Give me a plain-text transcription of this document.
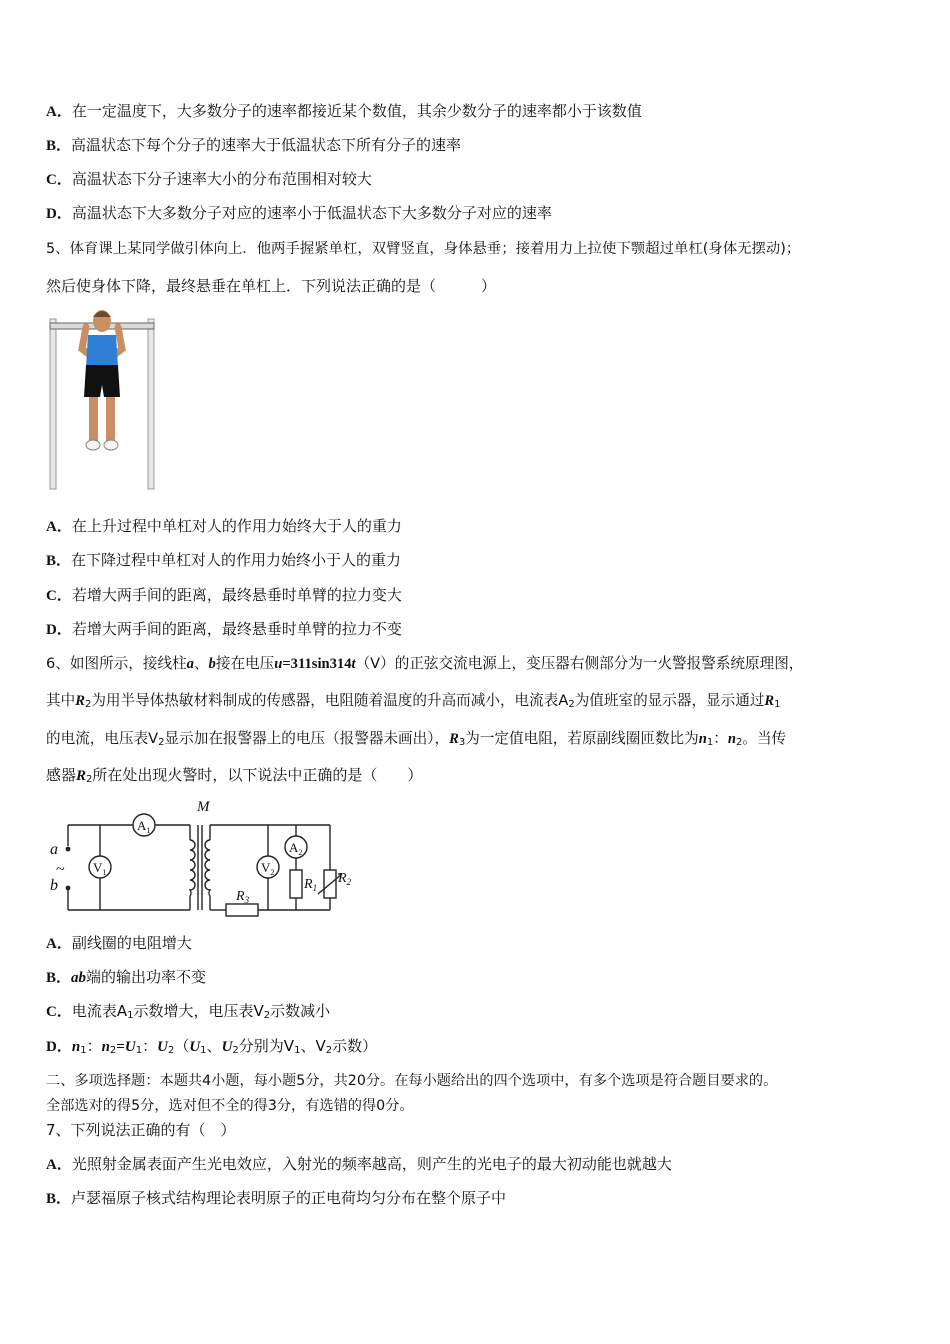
A．在一定温度下，大多数分子的速率都接近某个数值，其余少数分子的速率都小于该数值
B．高温状态下每个分子的速率大于低温状态下所有分子的速率
C．高温状态下分子速率大小的分布范围相对较大
D．高温状态下大多数分子对应的速率小于低温状态下大多数分子对应的速率
5、体育课上某同学做引体向上．他两手握紧单杠，双臂竖直，身体悬垂；接着用力上拉使下颚超过单杠(身体无摆动)；
然后使身体下降，最终悬垂在单杠上．下列说法正确的是（　　　）
A．在上升过程中单杠对人的作用力始终大于人的重力
B．在下降过程中单杠对人的作用力始终小于人的重力
C．若增大两手间的距离，最终悬垂时单臂的拉力变大
D．若增大两手间的距离，最终悬垂时单臂的拉力不变
6、如图所示，接线柱a、b接在电压u=311sin314t（V）的正弦交流电源上，变压器右侧部分为一火警报警系统原理图，
其中$R_2$为用半导体热敏材料制成的传感器，电阻随着温度的升高而减小，电流表$A_2$为值班室的显示器，显示通过$R_1$
的电流，电压表$V_2$显示加在报警器上的电压（报警器未画出），$R_3$为一定值电阻，若原副线圈匝数比为$n_1$：$n_2$。当传
感器$R_2$所在处出现火警时，以下说法中正确的是（　　）
M
a
~
b
$A_1$
$V_1$	$V_2$
$A_2$
$R_3$
$R_1$
$R_2$
A．副线圈的电阻增大
B．ab端的输出功率不变
C．电流表$A_1$示数增大，电压表$V_2$示数减小
D．$n_1$：$n_2=U_1$：$U_2(U_1$、$U_2$分别为$V_1$、$V_2$示数）
二、多项选择题：本题共4小题，每小题5分，共20分。在每小题给出的四个选项中，有多个选项是符合题目要求的。
全部选对的得5分，选对但不全的得3分，有选错的得0分。
7、下列说法正确的有（　）
A．光照射金属表面产生光电效应，入射光的频率越高，则产生的光电子的最大初动能也就越大
B．卢瑟福原子核式结构理论表明原子的正电荷均匀分布在整个原子中
